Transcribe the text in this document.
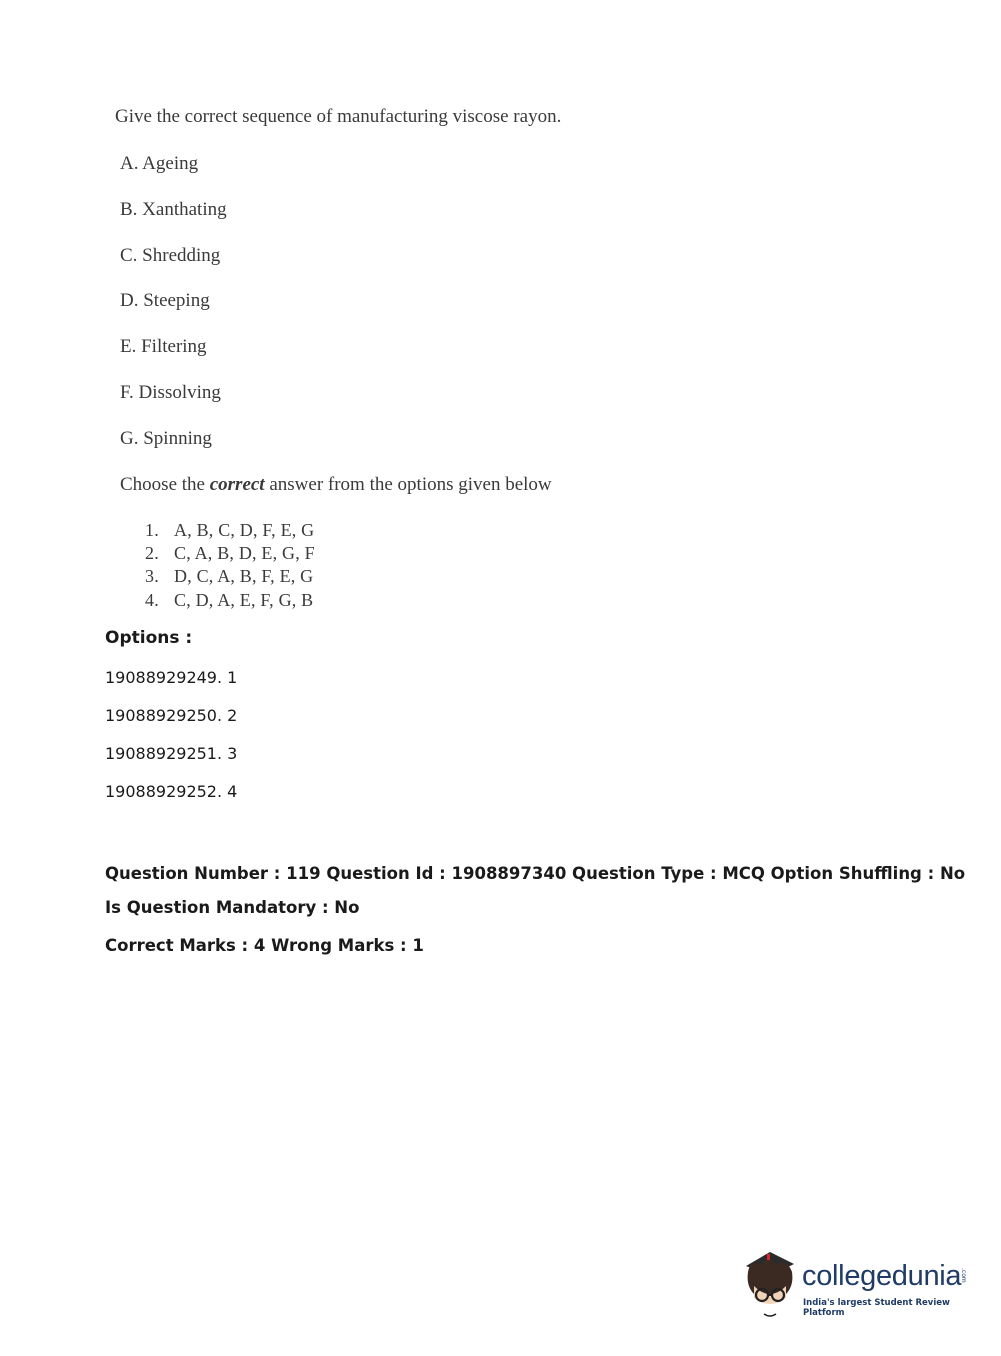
Give the correct sequence of manufacturing viscose rayon.
A. Ageing
B. Xanthating
C. Shredding
D. Steeping
E. Filtering
F. Dissolving
G. Spinning
Choose the correct answer from the options given below
1. A, B, C, D, F, E, G
2. C, A, B, D, E, G, F
3. D, C, A, B, F, E, G
4. C, D, A, E, F, G, B
Options :
19088929249. 1
19088929250. 2
19088929251. 3
19088929252. 4
Question Number : 119 Question Id : 1908897340 Question Type : MCQ Option Shuffling : No
Is Question Mandatory : No
Correct Marks : 4 Wrong Marks : 1
collegedunia
.com
India's largest Student Review Platform
